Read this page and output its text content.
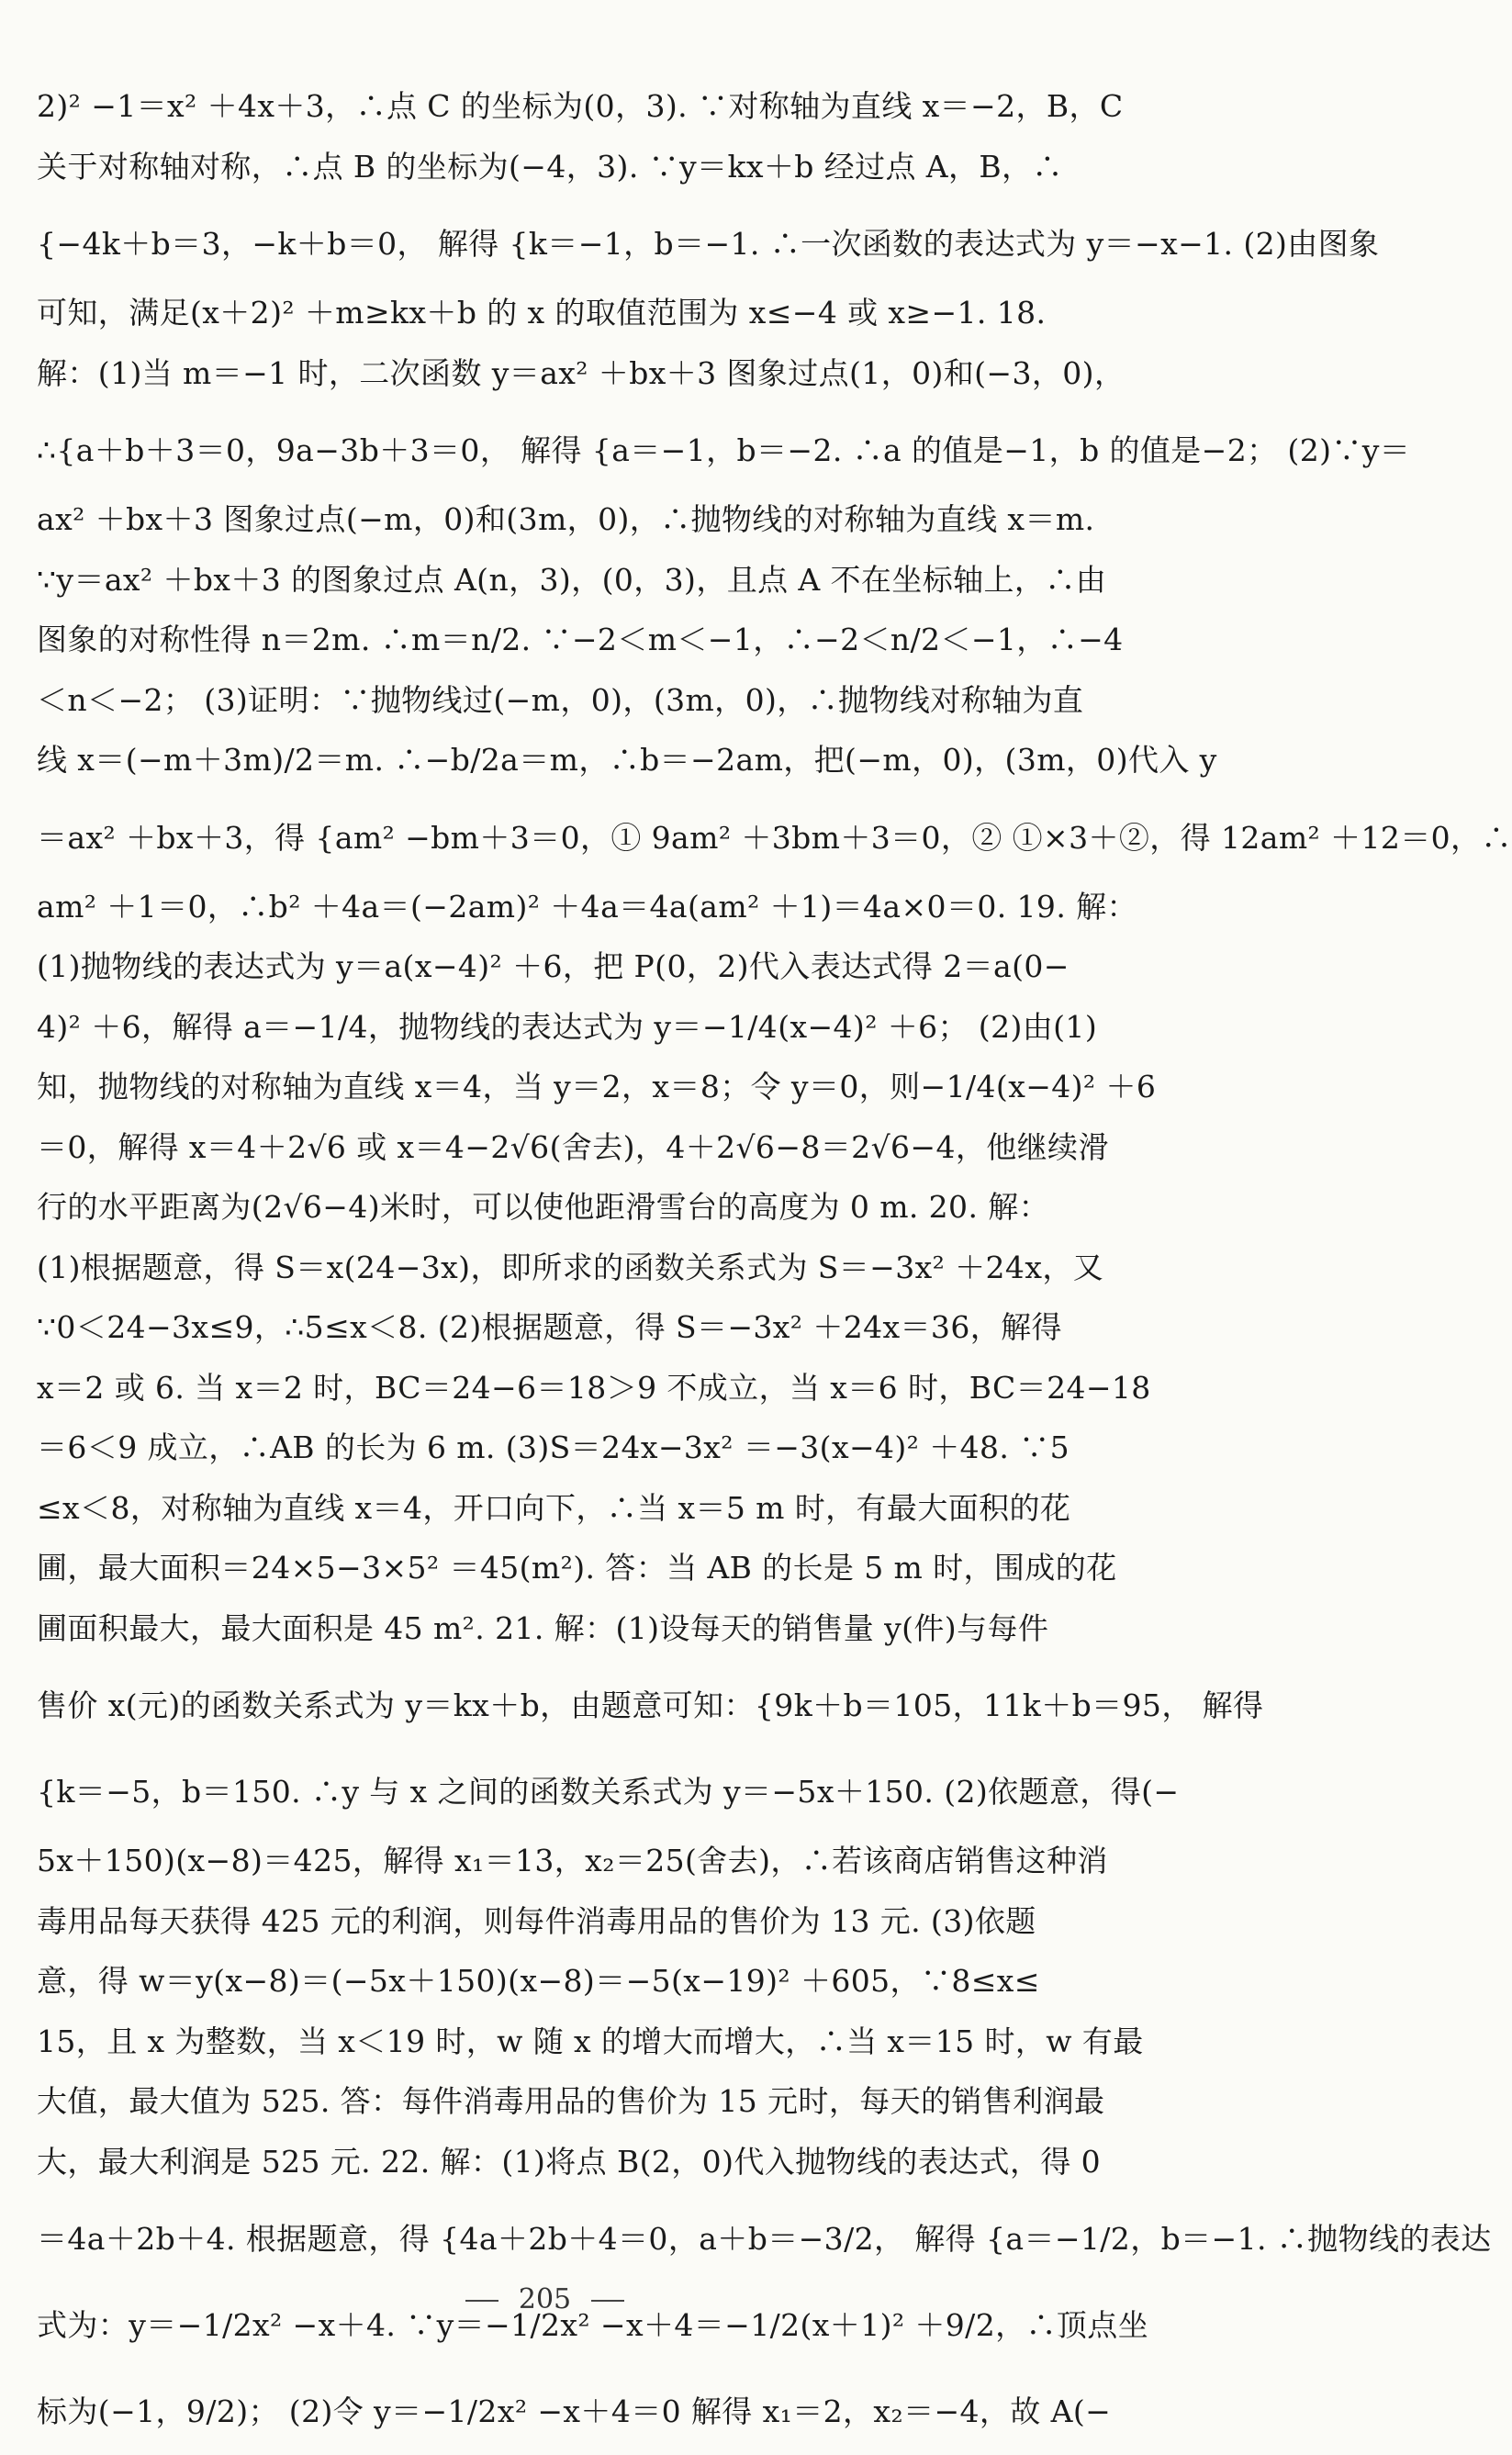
2)² −1＝x² ＋4x＋3，∴点 C 的坐标为(0，3). ∵对称轴为直线 x＝−2，B，C
关于对称轴对称，∴点 B 的坐标为(−4，3). ∵y＝kx＋b 经过点 A，B，∴
{−4k＋b＝3，−k＋b＝0， 解得 {k＝−1，b＝−1. ∴一次函数的表达式为 y＝−x−1. (2)由图象
可知，满足(x＋2)² ＋m≥kx＋b 的 x 的取值范围为 x≤−4 或 x≥−1. 18.
解：(1)当 m＝−1 时，二次函数 y＝ax² ＋bx＋3 图象过点(1，0)和(−3，0)，
∴{a＋b＋3＝0，9a−3b＋3＝0， 解得 {a＝−1，b＝−2. ∴a 的值是−1，b 的值是−2； (2)∵y＝
ax² ＋bx＋3 图象过点(−m，0)和(3m，0)，∴抛物线的对称轴为直线 x＝m.
∵y＝ax² ＋bx＋3 的图象过点 A(n，3)，(0，3)，且点 A 不在坐标轴上，∴由
图象的对称性得 n＝2m. ∴m＝n/2. ∵−2＜m＜−1，∴−2＜n/2＜−1，∴−4
＜n＜−2； (3)证明：∵抛物线过(−m，0)，(3m，0)，∴抛物线对称轴为直
线 x＝(−m＋3m)/2＝m. ∴−b/2a＝m，∴b＝−2am，把(−m，0)，(3m，0)代入 y
＝ax² ＋bx＋3，得 {am² −bm＋3＝0，① 9am² ＋3bm＋3＝0，② ①×3＋②，得 12am² ＋12＝0，∴
am² ＋1＝0，∴b² ＋4a＝(−2am)² ＋4a＝4a(am² ＋1)＝4a×0＝0. 19. 解：
(1)抛物线的表达式为 y＝a(x−4)² ＋6，把 P(0，2)代入表达式得 2＝a(0−
4)² ＋6，解得 a＝−1/4，抛物线的表达式为 y＝−1/4(x−4)² ＋6； (2)由(1)
知，抛物线的对称轴为直线 x＝4，当 y＝2，x＝8；令 y＝0，则−1/4(x−4)² ＋6
＝0，解得 x＝4＋2√6 或 x＝4−2√6(舍去)，4＋2√6−8＝2√6−4，他继续滑
行的水平距离为(2√6−4)米时，可以使他距滑雪台的高度为 0 m. 20. 解：
(1)根据题意，得 S＝x(24−3x)，即所求的函数关系式为 S＝−3x² ＋24x，又
∵0＜24−3x≤9，∴5≤x＜8. (2)根据题意，得 S＝−3x² ＋24x＝36，解得
x＝2 或 6. 当 x＝2 时，BC＝24−6＝18＞9 不成立，当 x＝6 时，BC＝24−18
＝6＜9 成立，∴AB 的长为 6 m. (3)S＝24x−3x² ＝−3(x−4)² ＋48. ∵5
≤x＜8，对称轴为直线 x＝4，开口向下，∴当 x＝5 m 时，有最大面积的花
圃，最大面积＝24×5−3×5² ＝45(m²). 答：当 AB 的长是 5 m 时，围成的花
圃面积最大，最大面积是 45 m². 21. 解：(1)设每天的销售量 y(件)与每件
售价 x(元)的函数关系式为 y＝kx＋b，由题意可知：{9k＋b＝105，11k＋b＝95， 解得
{k＝−5，b＝150. ∴y 与 x 之间的函数关系式为 y＝−5x＋150. (2)依题意，得(−
5x＋150)(x−8)＝425，解得 x₁＝13，x₂＝25(舍去)，∴若该商店销售这种消
毒用品每天获得 425 元的利润，则每件消毒用品的售价为 13 元. (3)依题
意，得 w＝y(x−8)＝(−5x＋150)(x−8)＝−5(x−19)² ＋605，∵8≤x≤
15，且 x 为整数，当 x＜19 时，w 随 x 的增大而增大，∴当 x＝15 时，w 有最
大值，最大值为 525. 答：每件消毒用品的售价为 15 元时，每天的销售利润最
大，最大利润是 525 元. 22. 解：(1)将点 B(2，0)代入抛物线的表达式，得 0
＝4a＋2b＋4. 根据题意，得 {4a＋2b＋4＝0，a＋b＝−3/2， 解得 {a＝−1/2，b＝−1. ∴抛物线的表达
式为：y＝−1/2x² −x＋4. ∵y＝−1/2x² −x＋4＝−1/2(x＋1)² ＋9/2，∴顶点坐
标为(−1，9/2)； (2)令 y＝−1/2x² −x＋4＝0 解得 x₁＝2，x₂＝−4，故 A(−
205
